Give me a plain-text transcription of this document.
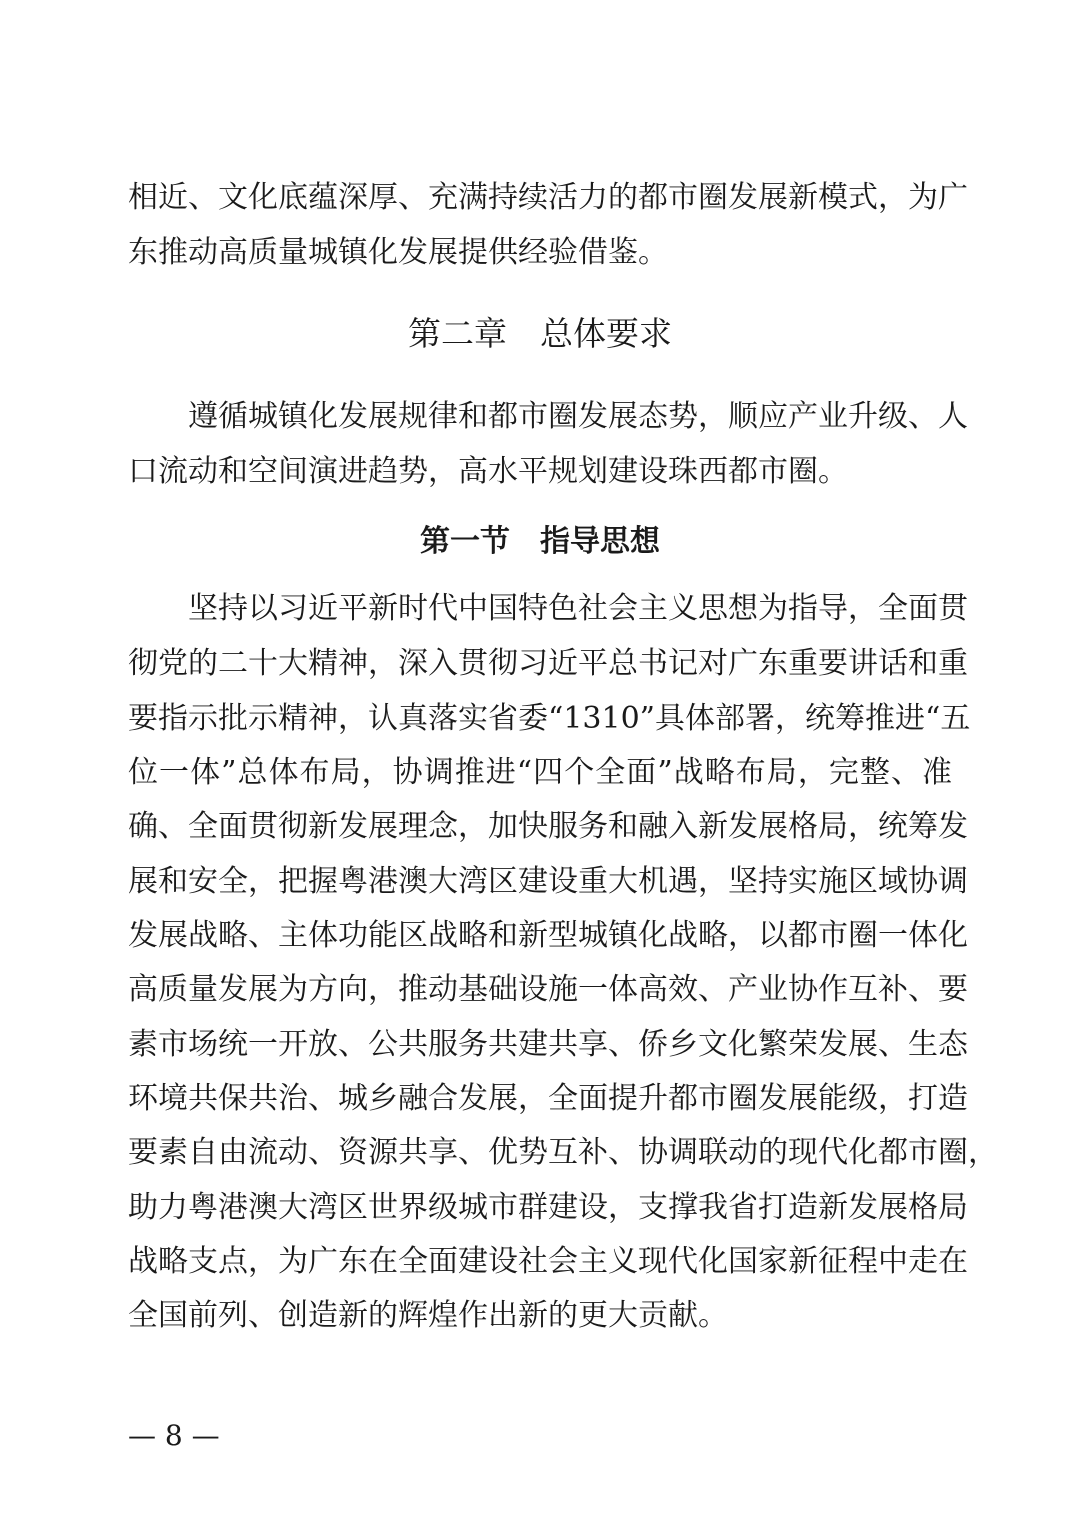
相近、文化底蕴深厚、充满持续活力的都市圈发展新模式，为广
东推动高质量城镇化发展提供经验借鉴。
第二章　总体要求
遵循城镇化发展规律和都市圈发展态势，顺应产业升级、人
口流动和空间演进趋势，高水平规划建设珠西都市圈。
第一节　指导思想
坚持以习近平新时代中国特色社会主义思想为指导，全面贯
彻党的二十大精神，深入贯彻习近平总书记对广东重要讲话和重
要指示批示精神，认真落实省委“1310”具体部署，统筹推进“五
位一体”总体布局，协调推进“四个全面”战略布局，完整、准
确、全面贯彻新发展理念，加快服务和融入新发展格局，统筹发
展和安全，把握粤港澳大湾区建设重大机遇，坚持实施区域协调
发展战略、主体功能区战略和新型城镇化战略，以都市圈一体化
高质量发展为方向，推动基础设施一体高效、产业协作互补、要
素市场统一开放、公共服务共建共享、侨乡文化繁荣发展、生态
环境共保共治、城乡融合发展，全面提升都市圈发展能级，打造
要素自由流动、资源共享、优势互补、协调联动的现代化都市圈，
助力粤港澳大湾区世界级城市群建设，支撑我省打造新发展格局
战略支点，为广东在全面建设社会主义现代化国家新征程中走在
全国前列、创造新的辉煌作出新的更大贡献。
— 8 —
